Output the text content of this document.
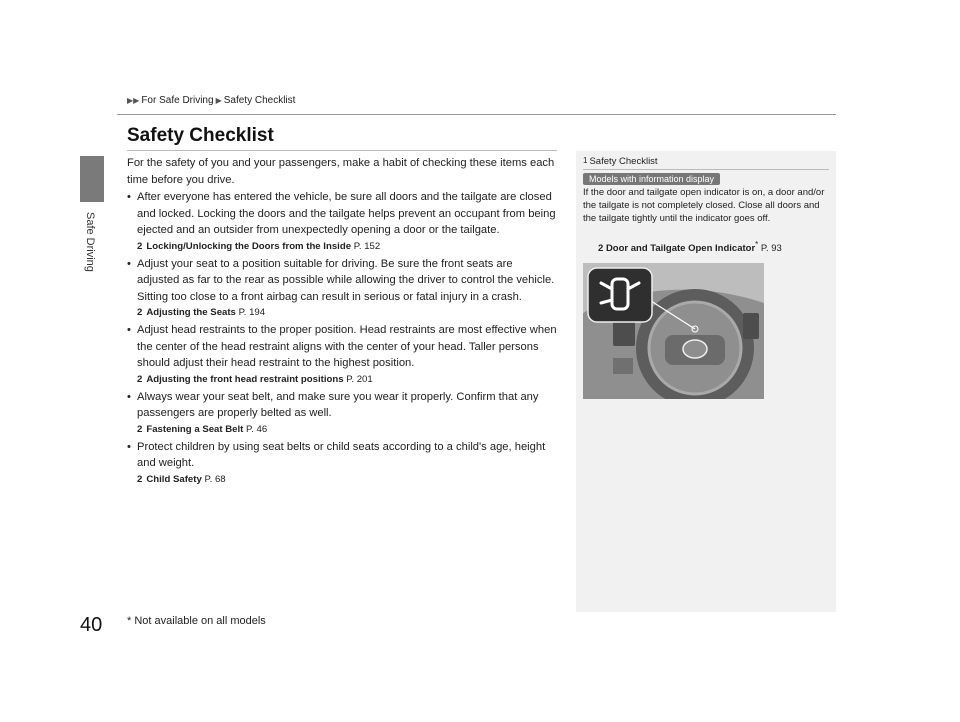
Safe Driving
▶▶ For Safe Driving ▶ Safety Checklist
Safety Checklist

For the safety of you and your passengers, make a habit of checking these items each time before you drive.

• After everyone has entered the vehicle, be sure all doors and the tailgate are closed and locked. Locking the doors and the tailgate helps prevent an occupant from being ejected and an outsider from unexpectedly opening a door or the tailgate.
2 Locking/Unlocking the Doors from the Inside P. 152
• Adjust your seat to a position suitable for driving. Be sure the front seats are adjusted as far to the rear as possible while allowing the driver to control the vehicle. Sitting too close to a front airbag can result in serious or fatal injury in a crash.
2 Adjusting the Seats P. 194
• Adjust head restraints to the proper position. Head restraints are most effective when the center of the head restraint aligns with the center of your head. Taller persons should adjust their head restraint to the highest position.
2 Adjusting the front head restraint positions P. 201
• Always wear your seat belt, and make sure you wear it properly. Confirm that any passengers are properly belted as well.
2 Fastening a Seat Belt P. 46
• Protect children by using seat belts or child seats according to a child's age, height and weight.
2 Child Safety P. 68
$^1$ Safety Checklist
Models with information display
If the door and tailgate open indicator is on, a door and/or the tailgate is not completely closed. Close all doors and the tailgate tightly until the indicator goes off.
2 Door and Tailgate Open Indicator* P. 93
40 * Not available on all models
